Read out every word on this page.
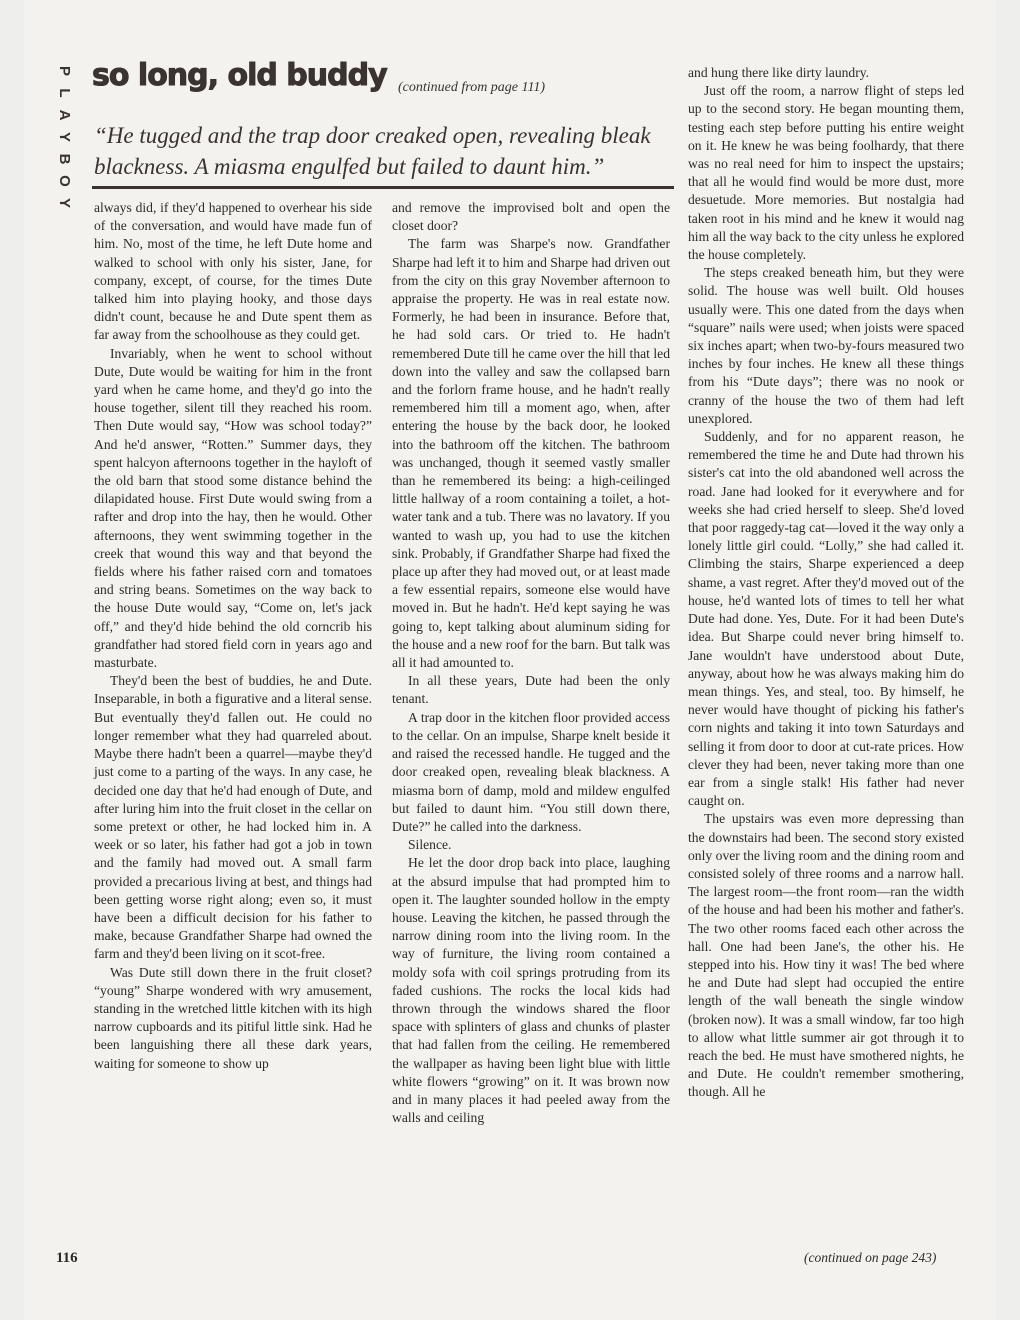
P
L
A
Y
B
O
Y
so long, old buddy (continued from page 111)
“He tugged and the trap door creaked open, revealing bleak blackness. A miasma engulfed but failed to daunt him.”

always did, if they'd happened to overhear his side of the conversation, and would have made fun of him. No, most of the time, he left Dute home and walked to school with only his sister, Jane, for company, except, of course, for the times Dute talked him into playing hooky, and those days didn't count, because he and Dute spent them as far away from the schoolhouse as they could get.

Invariably, when he went to school without Dute, Dute would be waiting for him in the front yard when he came home, and they'd go into the house together, silent till they reached his room. Then Dute would say, “How was school today?” And he'd answer, “Rotten.” Summer days, they spent halcyon afternoons together in the hayloft of the old barn that stood some distance behind the dilapidated house. First Dute would swing from a rafter and drop into the hay, then he would. Other afternoons, they went swimming together in the creek that wound this way and that beyond the fields where his father raised corn and tomatoes and string beans. Sometimes on the way back to the house Dute would say, “Come on, let's jack off,” and they'd hide behind the old corncrib his grandfather had stored field corn in years ago and masturbate.

They'd been the best of buddies, he and Dute. Inseparable, in both a figurative and a literal sense. But eventually they'd fallen out. He could no longer remember what they had quarreled about. Maybe there hadn't been a quarrel—maybe they'd just come to a parting of the ways. In any case, he decided one day that he'd had enough of Dute, and after luring him into the fruit closet in the cellar on some pretext or other, he had locked him in. A week or so later, his father had got a job in town and the family had moved out. A small farm provided a precarious living at best, and things had been getting worse right along; even so, it must have been a difficult decision for his father to make, because Grandfather Sharpe had owned the farm and they'd been living on it scot-free.

Was Dute still down there in the fruit closet? “young” Sharpe wondered with wry amusement, standing in the wretched little kitchen with its high narrow cupboards and its pitiful little sink. Had he been languishing there all these dark years, waiting for someone to show up

and remove the improvised bolt and open the closet door?

The farm was Sharpe's now. Grandfather Sharpe had left it to him and Sharpe had driven out from the city on this gray November afternoon to appraise the property. He was in real estate now. Formerly, he had been in insurance. Before that, he had sold cars. Or tried to. He hadn't remembered Dute till he came over the hill that led down into the valley and saw the collapsed barn and the forlorn frame house, and he hadn't really remembered him till a moment ago, when, after entering the house by the back door, he looked into the bathroom off the kitchen. The bathroom was unchanged, though it seemed vastly smaller than he remembered its being: a high-ceilinged little hallway of a room containing a toilet, a hot-water tank and a tub. There was no lavatory. If you wanted to wash up, you had to use the kitchen sink. Probably, if Grandfather Sharpe had fixed the place up after they had moved out, or at least made a few essential repairs, someone else would have moved in. But he hadn't. He'd kept saying he was going to, kept talking about aluminum siding for the house and a new roof for the barn. But talk was all it had amounted to.

In all these years, Dute had been the only tenant.

A trap door in the kitchen floor provided access to the cellar. On an impulse, Sharpe knelt beside it and raised the recessed handle. He tugged and the door creaked open, revealing bleak blackness. A miasma born of damp, mold and mildew engulfed but failed to daunt him. “You still down there, Dute?” he called into the darkness.

Silence.

He let the door drop back into place, laughing at the absurd impulse that had prompted him to open it. The laughter sounded hollow in the empty house. Leaving the kitchen, he passed through the narrow dining room into the living room. In the way of furniture, the living room contained a moldy sofa with coil springs protruding from its faded cushions. The rocks the local kids had thrown through the windows shared the floor space with splinters of glass and chunks of plaster that had fallen from the ceiling. He remembered the wallpaper as having been light blue with little white flowers “growing” on it. It was brown now and in many places it had peeled away from the walls and ceiling

and hung there like dirty laundry.

Just off the room, a narrow flight of steps led up to the second story. He began mounting them, testing each step before putting his entire weight on it. He knew he was being foolhardy, that there was no real need for him to inspect the upstairs; that all he would find would be more dust, more desuetude. More memories. But nostalgia had taken root in his mind and he knew it would nag him all the way back to the city unless he explored the house completely.

The steps creaked beneath him, but they were solid. The house was well built. Old houses usually were. This one dated from the days when “square” nails were used; when joists were spaced six inches apart; when two-by-fours measured two inches by four inches. He knew all these things from his “Dute days”; there was no nook or cranny of the house the two of them had left unexplored.

Suddenly, and for no apparent reason, he remembered the time he and Dute had thrown his sister's cat into the old abandoned well across the road. Jane had looked for it everywhere and for weeks she had cried herself to sleep. She'd loved that poor raggedy-tag cat—loved it the way only a lonely little girl could. “Lolly,” she had called it. Climbing the stairs, Sharpe experienced a deep shame, a vast regret. After they'd moved out of the house, he'd wanted lots of times to tell her what Dute had done. Yes, Dute. For it had been Dute's idea. But Sharpe could never bring himself to. Jane wouldn't have understood about Dute, anyway, about how he was always making him do mean things. Yes, and steal, too. By himself, he never would have thought of picking his father's corn nights and taking it into town Saturdays and selling it from door to door at cut-rate prices. How clever they had been, never taking more than one ear from a single stalk! His father had never caught on.

The upstairs was even more depressing than the downstairs had been. The second story existed only over the living room and the dining room and consisted solely of three rooms and a narrow hall. The largest room—the front room—ran the width of the house and had been his mother and father's. The two other rooms faced each other across the hall. One had been Jane's, the other his. He stepped into his. How tiny it was! The bed where he and Dute had slept had occupied the entire length of the wall beneath the single window (broken now). It was a small window, far too high to allow what little summer air got through it to reach the bed. He must have smothered nights, he and Dute. He couldn't remember smothering, though. All he

116	(continued on page 243)
